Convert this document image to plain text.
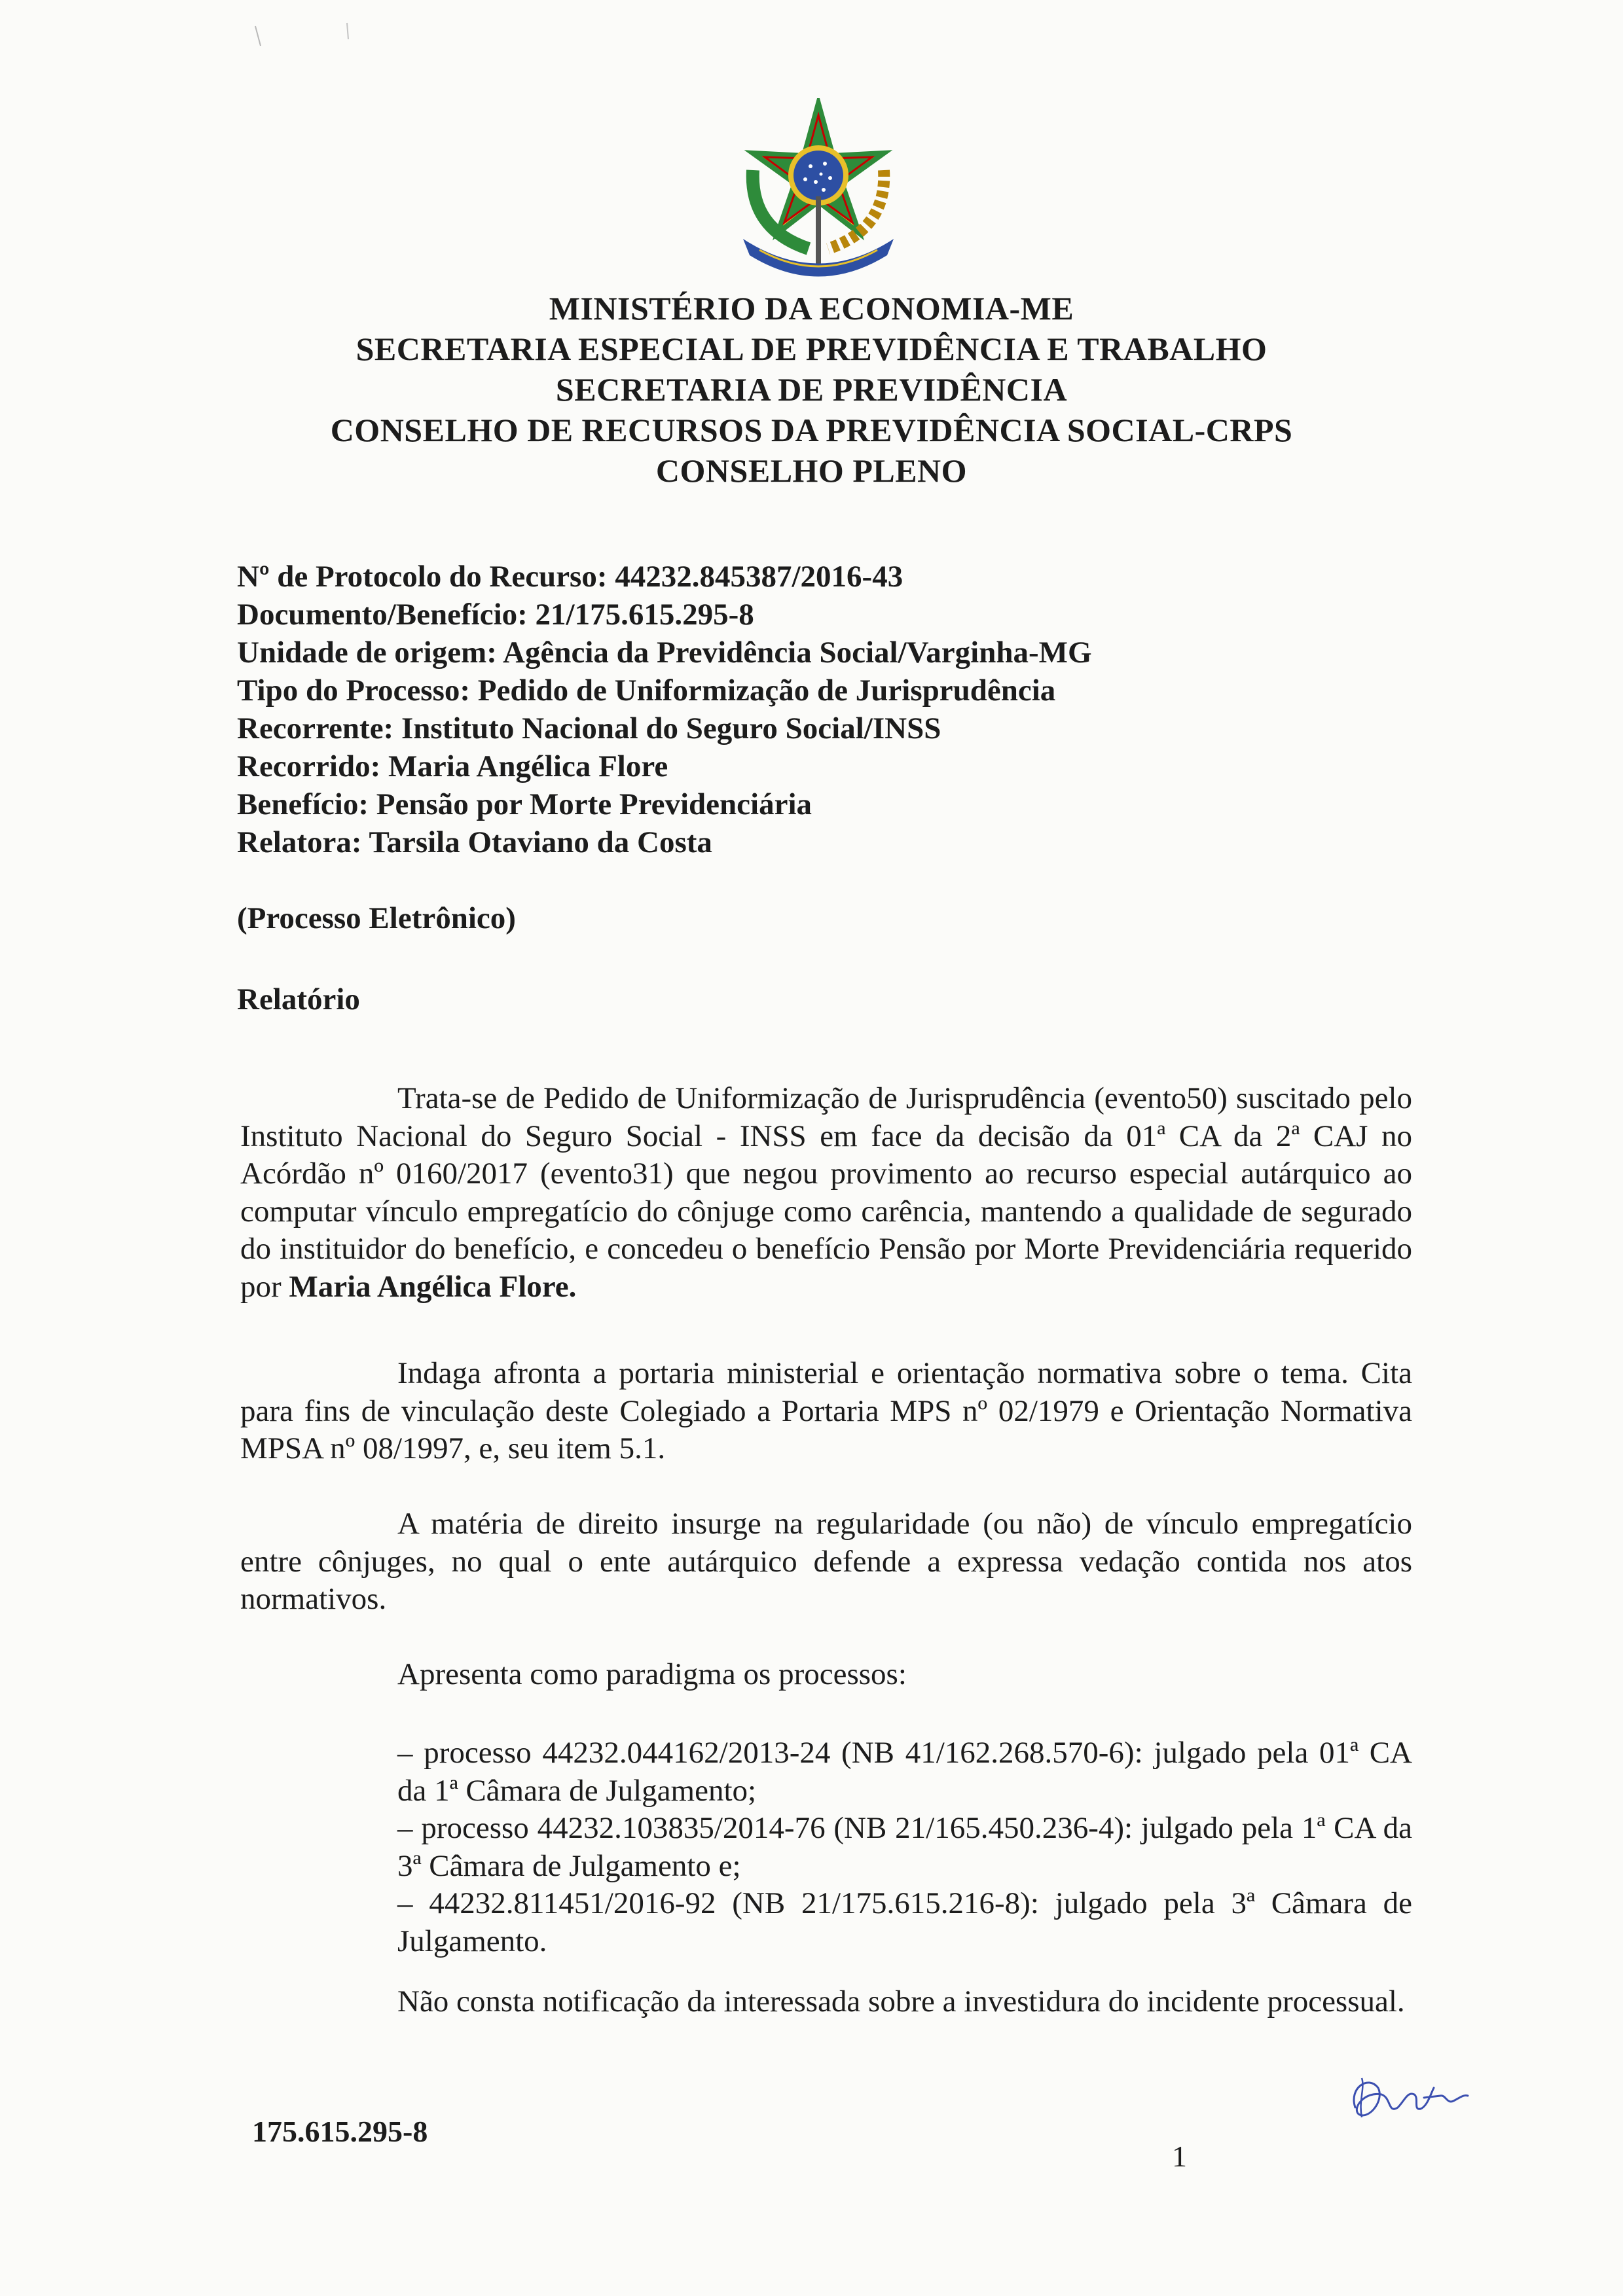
MINISTÉRIO DA ECONOMIA-ME
SECRETARIA ESPECIAL DE PREVIDÊNCIA E TRABALHO
SECRETARIA DE PREVIDÊNCIA
CONSELHO DE RECURSOS DA PREVIDÊNCIA SOCIAL-CRPS
CONSELHO PLENO
Nº de Protocolo do Recurso: 44232.845387/2016-43
Documento/Benefício: 21/175.615.295-8
Unidade de origem: Agência da Previdência Social/Varginha-MG
Tipo do Processo: Pedido de Uniformização de Jurisprudência
Recorrente: Instituto Nacional do Seguro Social/INSS
Recorrido: Maria Angélica Flore
Benefício: Pensão por Morte Previdenciária
Relatora: Tarsila Otaviano da Costa
(Processo Eletrônico)
Relatório
Trata-se de Pedido de Uniformização de Jurisprudência (evento50) suscitado pelo Instituto Nacional do Seguro Social - INSS em face da decisão da 01ª CA da 2ª CAJ no Acórdão nº 0160/2017 (evento31) que negou provimento ao recurso especial autárquico ao computar vínculo empregatício do cônjuge como carência, mantendo a qualidade de segurado do instituidor do benefício, e concedeu o benefício Pensão por Morte Previdenciária requerido por Maria Angélica Flore.
Indaga afronta a portaria ministerial e orientação normativa sobre o tema. Cita para fins de vinculação deste Colegiado a Portaria MPS nº 02/1979 e Orientação Normativa MPSA nº 08/1997, e, seu item 5.1.
A matéria de direito insurge na regularidade (ou não) de vínculo empregatício entre cônjuges, no qual o ente autárquico defende a expressa vedação contida nos atos normativos.
Apresenta como paradigma os processos:
– processo 44232.044162/2013-24 (NB 41/162.268.570-6): julgado pela 01ª CA da 1ª Câmara de Julgamento;
– processo 44232.103835/2014-76 (NB 21/165.450.236-4): julgado pela 1ª CA da 3ª Câmara de Julgamento e;
– 44232.811451/2016-92 (NB 21/175.615.216-8): julgado pela 3ª Câmara de Julgamento.
Não consta notificação da interessada sobre a investidura do incidente processual.
175.615.295-8
1
